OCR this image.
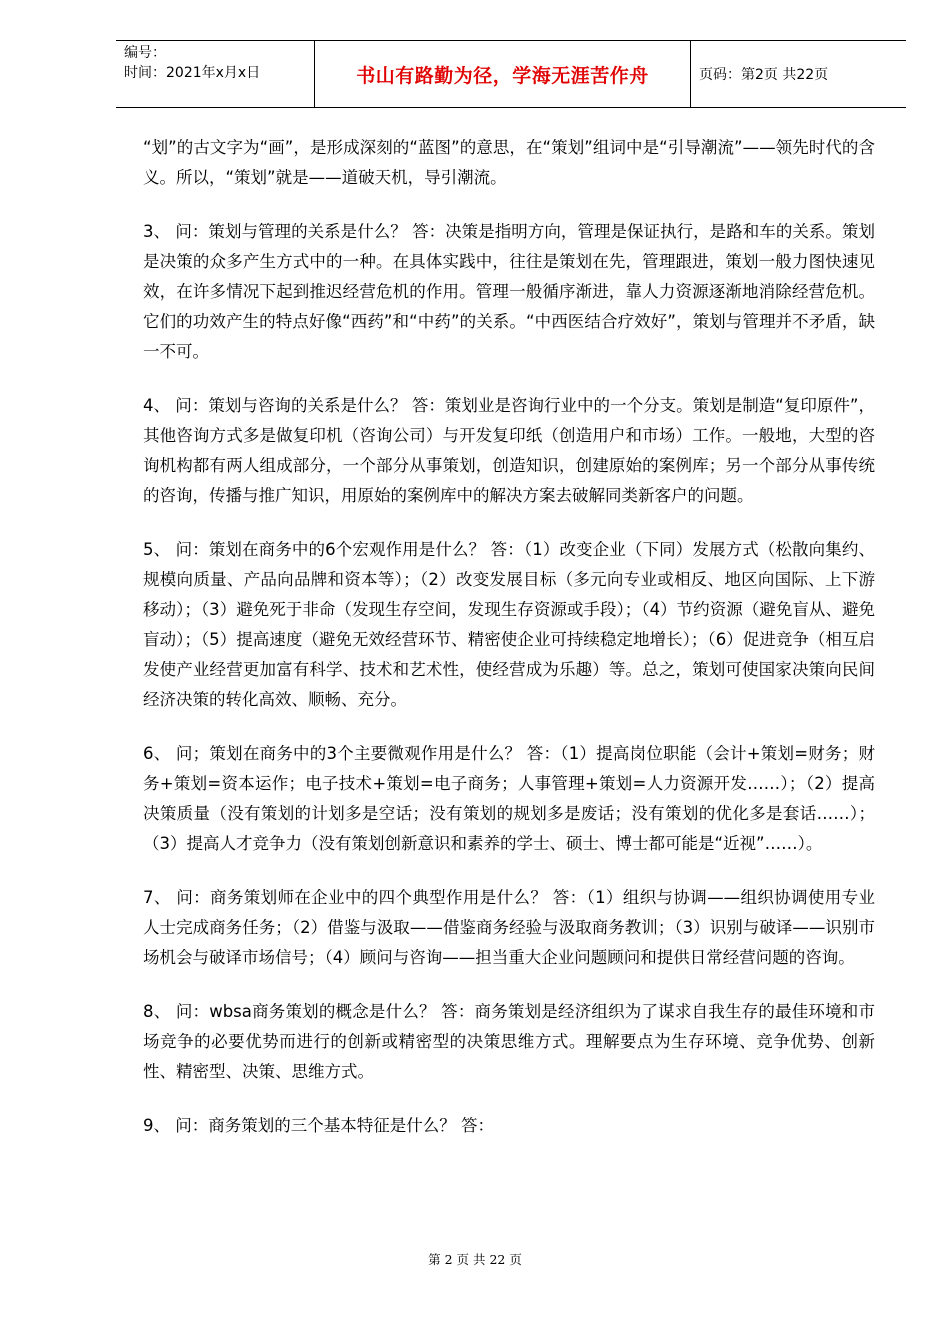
编号：
时间：2021年x月x日	书山有路勤为径，学海无涯苦作舟	页码：第2页 共22页

“划”的古文字为“画”，是形成深刻的“蓝图”的意思，在“策划”组词中是“引导潮流”——领先时代的含义。所以，“策划”就是——道破天机，导引潮流。

3、 问：策划与管理的关系是什么？ 答：决策是指明方向，管理是保证执行，是路和车的关系。策划是决策的众多产生方式中的一种。在具体实践中，往往是策划在先，管理跟进，策划一般力图快速见效，在许多情况下起到推迟经营危机的作用。管理一般循序渐进，靠人力资源逐渐地消除经营危机。它们的功效产生的特点好像“西药”和“中药”的关系。“中西医结合疗效好”，策划与管理并不矛盾，缺一不可。

4、 问：策划与咨询的关系是什么？ 答：策划业是咨询行业中的一个分支。策划是制造“复印原件”，其他咨询方式多是做复印机（咨询公司）与开发复印纸（创造用户和市场）工作。一般地，大型的咨询机构都有两人组成部分，一个部分从事策划，创造知识，创建原始的案例库；另一个部分从事传统的咨询，传播与推广知识，用原始的案例库中的解决方案去破解同类新客户的问题。

5、 问：策划在商务中的6个宏观作用是什么？ 答：（1）改变企业（下同）发展方式（松散向集约、规模向质量、产品向品牌和资本等）；（2）改变发展目标（多元向专业或相反、地区向国际、上下游移动）；（3）避免死于非命（发现生存空间，发现生存资源或手段）；（4）节约资源（避免盲从、避免盲动）；（5）提高速度（避免无效经营环节、精密使企业可持续稳定地增长）；（6）促进竞争（相互启发使产业经营更加富有科学、技术和艺术性，使经营成为乐趣）等。总之，策划可使国家决策向民间经济决策的转化高效、顺畅、充分。

6、 问；策划在商务中的3个主要微观作用是什么？ 答：（1）提高岗位职能（会计+策划=财务；财务+策划=资本运作；电子技术+策划=电子商务；人事管理+策划=人力资源开发……）；（2）提高决策质量（没有策划的计划多是空话；没有策划的规划多是废话；没有策划的优化多是套话……）；（3）提高人才竞争力（没有策划创新意识和素养的学士、硕士、博士都可能是“近视”……）。

7、 问：商务策划师在企业中的四个典型作用是什么？ 答：（1）组织与协调——组织协调使用专业人士完成商务任务；（2）借鉴与汲取——借鉴商务经验与汲取商务教训；（3）识别与破译——识别市场机会与破译市场信号；（4）顾问与咨询——担当重大企业问题顾问和提供日常经营问题的咨询。

8、 问：wbsa商务策划的概念是什么？ 答：商务策划是经济组织为了谋求自我生存的最佳环境和市场竞争的必要优势而进行的创新或精密型的决策思维方式。理解要点为生存环境、竞争优势、创新性、精密型、决策、思维方式。

9、 问：商务策划的三个基本特征是什么？ 答：

第 2 页 共 22 页
